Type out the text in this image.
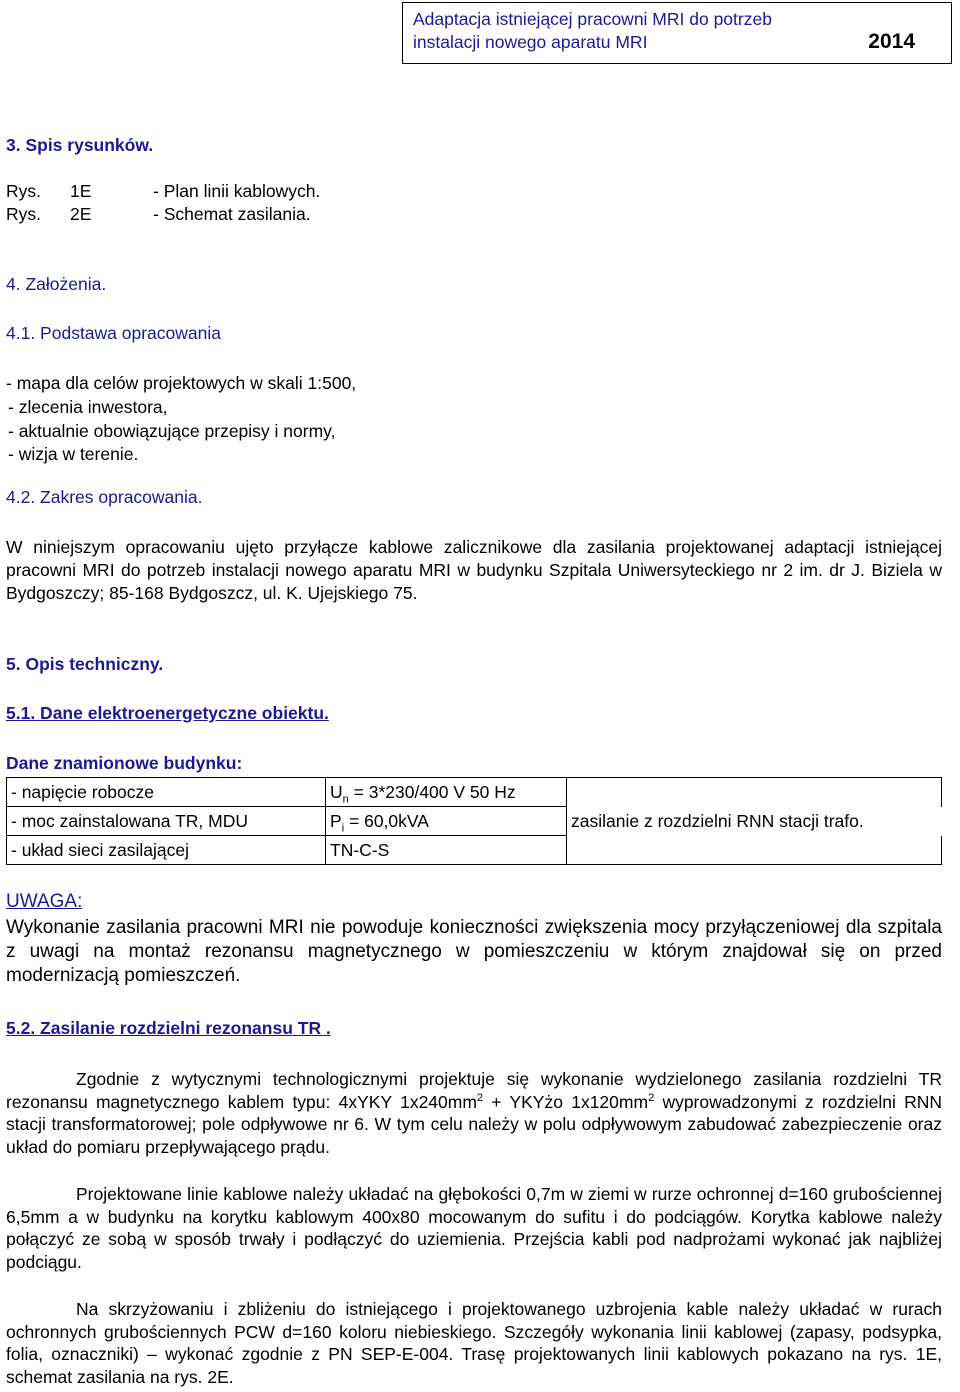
Adaptacja istniejącej pracowni MRI do potrzeb
instalacji nowego aparatu MRI	2014
3. Spis rysunków.
Rys. 1E	- Plan linii kablowych.
Rys. 2E	- Schemat zasilania.
4. Założenia.
4.1. Podstawa opracowania
- mapa dla celów projektowych w skali 1:500,
- zlecenia inwestora,
- aktualnie obowiązujące przepisy i normy,
- wizja w terenie.
4.2. Zakres opracowania.
W niniejszym opracowaniu ujęto przyłącze kablowe zalicznikowe dla zasilania projektowanej adaptacji istniejącej pracowni MRI do potrzeb instalacji nowego aparatu MRI w budynku Szpitala Uniwersyteckiego nr 2 im. dr J. Biziela w Bydgoszczy; 85-168 Bydgoszcz, ul. K. Ujejskiego 75.
5. Opis techniczny.
5.1. Dane elektroenergetyczne obiektu.
Dane znamionowe budynku:
- napięcie robocze	$U_n = 3*230/400$ V 50 Hz	
- moc zainstalowana TR, MDU	$P_i = 60,0kVA$	zasilanie z rozdzielni RNN stacji trafo.
- układ sieci zasilającej	TN-C-S	
UWAGA:
Wykonanie zasilania pracowni MRI nie powoduje konieczności zwiększenia mocy przyłączeniowej dla szpitala z uwagi na montaż rezonansu magnetycznego w pomieszczeniu w którym znajdował się on przed modernizacją pomieszczeń.
5.2. Zasilanie rozdzielni rezonansu TR .
Zgodnie z wytycznymi technologicznymi projektuje się wykonanie wydzielonego zasilania rozdzielni TR rezonansu magnetycznego kablem typu: 4xYKY $1x240mm^2$ + YKYżo $1x120mm^2$ wyprowadzonymi z rozdzielni RNN stacji transformatorowej; pole odpływowe nr 6. W tym celu należy w polu odpływowym zabudować zabezpieczenie oraz układ do pomiaru przepływającego prądu.
Projektowane linie kablowe należy układać na głębokości 0,7m w ziemi w rurze ochronnej d=160 grubościennej 6,5mm a w budynku na korytku kablowym 400x80 mocowanym do sufitu i do podciągów. Korytka kablowe należy połączyć ze sobą w sposób trwały i podłączyć do uziemienia. Przejścia kabli pod nadprożami wykonać jak najbliżej podciągu.
Na skrzyżowaniu i zbliżeniu do istniejącego i projektowanego uzbrojenia kable należy układać w rurach ochronnych grubościennych PCW d=160 koloru niebieskiego. Szczegóły wykonania linii kablowej (zapasy, podsypka, folia, oznaczniki) – wykonać zgodnie z PN SEP-E-004. Trasę projektowanych linii kablowych pokazano na rys. 1E, schemat zasilania na rys. 2E.
